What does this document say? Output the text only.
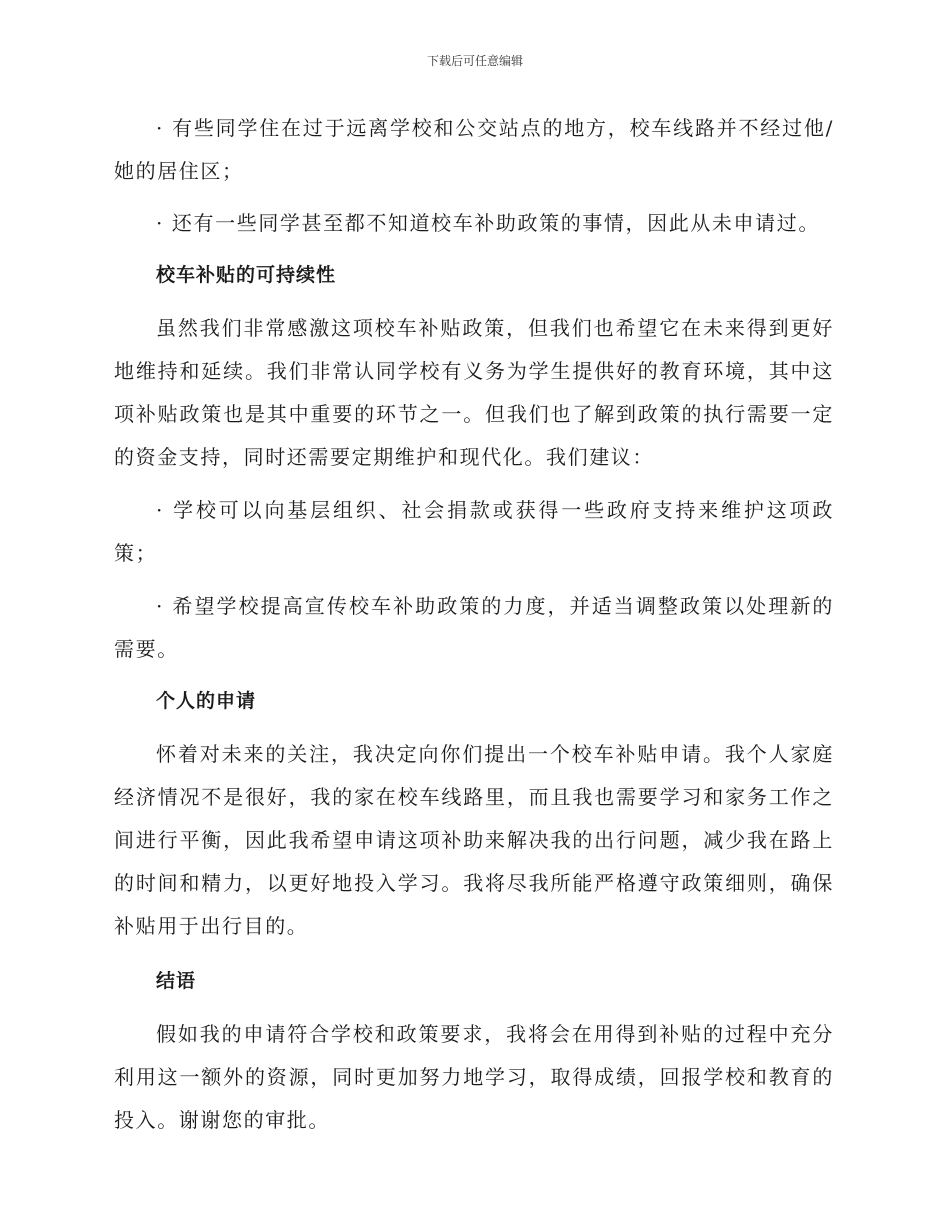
下载后可任意编辑

· 有些同学住在过于远离学校和公交站点的地方，校车线路并不经过他/她的居住区；

· 还有一些同学甚至都不知道校车补助政策的事情，因此从未申请过。

校车补贴的可持续性

虽然我们非常感激这项校车补贴政策，但我们也希望它在未来得到更好地维持和延续。我们非常认同学校有义务为学生提供好的教育环境，其中这项补贴政策也是其中重要的环节之一。但我们也了解到政策的执行需要一定的资金支持，同时还需要定期维护和现代化。我们建议：

· 学校可以向基层组织、社会捐款或获得一些政府支持来维护这项政策；

· 希望学校提高宣传校车补助政策的力度，并适当调整政策以处理新的需要。

个人的申请

怀着对未来的关注，我决定向你们提出一个校车补贴申请。我个人家庭经济情况不是很好，我的家在校车线路里，而且我也需要学习和家务工作之间进行平衡，因此我希望申请这项补助来解决我的出行问题，减少我在路上的时间和精力，以更好地投入学习。我将尽我所能严格遵守政策细则，确保补贴用于出行目的。

结语

假如我的申请符合学校和政策要求，我将会在用得到补贴的过程中充分利用这一额外的资源，同时更加努力地学习，取得成绩，回报学校和教育的投入。谢谢您的审批。
